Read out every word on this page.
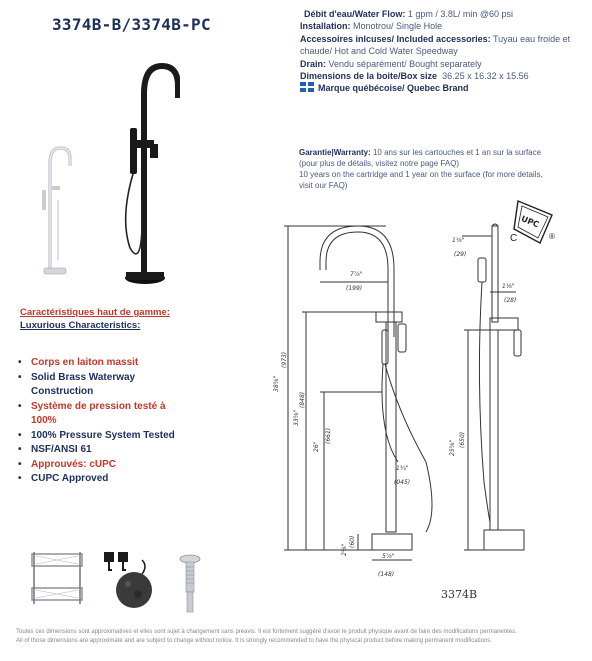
3374B-B/3374B-PC
Débit d'eau/Water Flow: 1 gpm / 3.8L/ min @60 psi
Installation: Monotrou/ Single Hole
Accessoires inlcuses/ Included accessories: Tuyau eau froide et chaude/ Hot and Cold Water Speedway
Drain: Vendu séparément/ Bought separately
Dimensions de la boite/Box size 36.25 x 16.32 x 15.56
Marque québécoise/ Quebec Brand
Garantie|Warranty: 10 ans sur les cartouches et 1 an sur la surface (pour plus de détails, visitez notre page FAQ)
10 years on the cartridge and 1 year on the surface (for more details, visit our FAQ)
UPC
C	®
Caractéristiques haut de gamme:
Luxurious Characteristics:
• Corps en laiton massit
• Solid Brass Waterway Construction
• Système de pression testé à 100%
• 100% Pressure System Tested
• NSF/ANSI 61
• Approuvés: cUPC
• CUPC Approved
38⅜"
(973)
33⅜"
(848)
26"
(661)
7⅞"
(199)
1¾"
(045)
2⅜"
(60)
5⅞"
(148)
1⅛"
(29)
1⅛"
(28)
25⅝" (650)
3374B
Toutes ces dimensions sont approximatives et elles sont sujet à changement sans préavis. Il est fortement suggéré d'avoir le produit physique avant de faire des modifications permanentes.
All of those dimensions are approximate and are subject to change without notice. It is strongly recommended to have the physical product before making permanent modifications.
